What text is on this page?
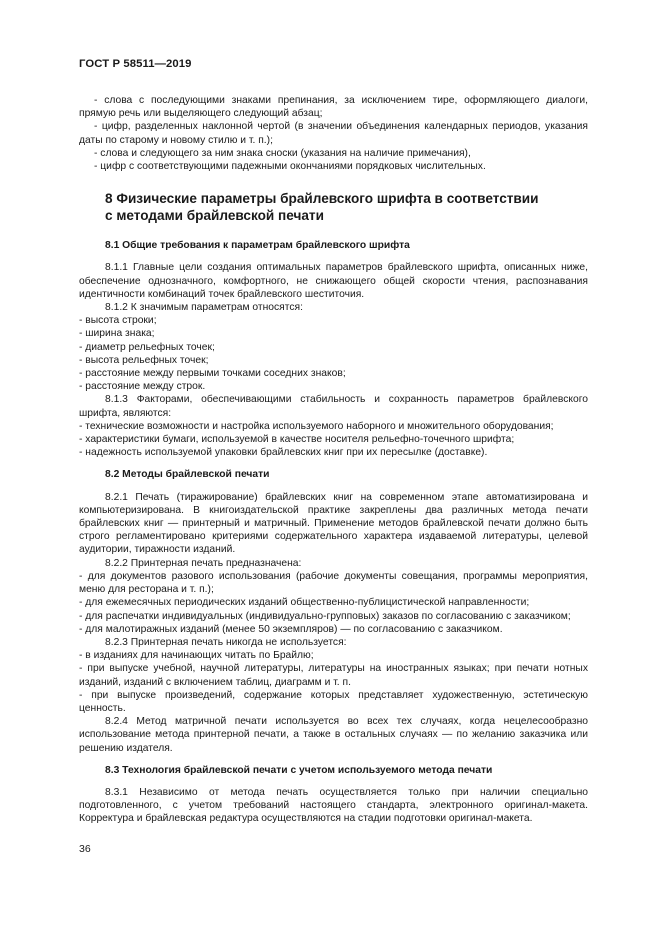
ГОСТ Р 58511—2019

- слова с последующими знаками препинания, за исключением тире, оформляющего диалоги, прямую речь или выделяющего следующий абзац;

- цифр, разделенных наклонной чертой (в значении объединения календарных периодов, указания даты по старому и новому стилю и т. п.);

- слова и следующего за ним знака сноски (указания на наличие примечания),

- цифр с соответствующими падежными окончаниями порядковых числительных.

8 Физические параметры брайлевского шрифта в соответствии
с методами брайлевской печати
8.1 Общие требования к параметрам брайлевского шрифта

8.1.1 Главные цели создания оптимальных параметров брайлевского шрифта, описанных ниже, обеспечение однозначного, комфортного, не снижающего общей скорости чтения, распознавания идентичности комбинаций точек брайлевского шеститочия.

8.1.2 К значимым параметрам относятся:

- высота строки;

- ширина знака;

- диаметр рельефных точек;

- высота рельефных точек;

- расстояние между первыми точками соседних знаков;

- расстояние между строк.

8.1.3 Факторами, обеспечивающими стабильность и сохранность параметров брайлевского шрифта, являются:

- технические возможности и настройка используемого наборного и множительного оборудования;

- характеристики бумаги, используемой в качестве носителя рельефно-точечного шрифта;

- надежность используемой упаковки брайлевских книг при их пересылке (доставке).

8.2 Методы брайлевской печати

8.2.1 Печать (тиражирование) брайлевских книг на современном этапе автоматизирована и компьютеризирована. В книгоиздательской практике закреплены два различных метода печати брайлевских книг — принтерный и матричный. Применение методов брайлевской печати должно быть строго регламентировано критериями содержательного характера издаваемой литературы, целевой аудитории, тиражности изданий.

8.2.2 Принтерная печать предназначена:

- для документов разового использования (рабочие документы совещания, программы мероприятия, меню для ресторана и т. п.);

- для ежемесячных периодических изданий общественно-публицистической направленности;

- для распечатки индивидуальных (индивидуально-групповых) заказов по согласованию с заказчиком;

- для малотиражных изданий (менее 50 экземпляров) — по согласованию с заказчиком.

8.2.3 Принтерная печать никогда не используется:

- в изданиях для начинающих читать по Брайлю;

- при выпуске учебной, научной литературы, литературы на иностранных языках; при печати нотных изданий, изданий с включением таблиц, диаграмм и т. п.

- при выпуске произведений, содержание которых представляет художественную, эстетическую ценность.

8.2.4 Метод матричной печати используется во всех тех случаях, когда нецелесообразно использование метода принтерной печати, а также в остальных случаях — по желанию заказчика или решению издателя.

8.3 Технология брайлевской печати с учетом используемого метода печати

8.3.1 Независимо от метода печать осуществляется только при наличии специально подготовленного, с учетом требований настоящего стандарта, электронного оригинал-макета. Корректура и брайлевская редактура осуществляются на стадии подготовки оригинал-макета.

36
